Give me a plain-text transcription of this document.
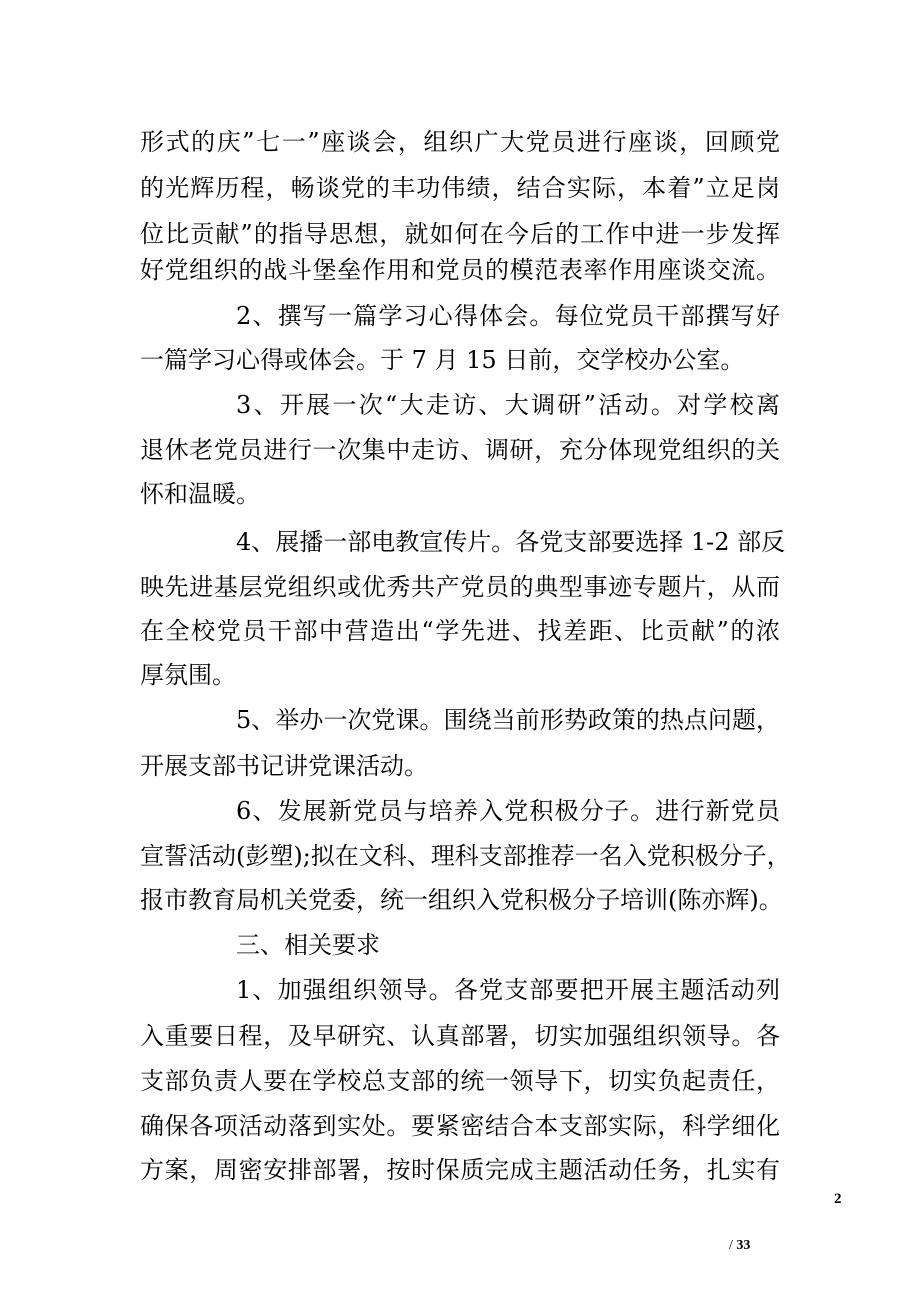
形式的庆”七一”座谈会，组织广大党员进行座谈，回顾党
的光辉历程，畅谈党的丰功伟绩，结合实际，本着”立足岗
位比贡献”的指导思想，就如何在今后的工作中进一步发挥
好党组织的战斗堡垒作用和党员的模范表率作用座谈交流。
2、撰写一篇学习心得体会。每位党员干部撰写好
一篇学习心得或体会。于 7 月 15 日前，交学校办公室。
3、开展一次“大走访、大调研”活动。对学校离
退休老党员进行一次集中走访、调研，充分体现党组织的关
怀和温暖。
4、展播一部电教宣传片。各党支部要选择 1-2 部反
映先进基层党组织或优秀共产党员的典型事迹专题片，从而
在全校党员干部中营造出“学先进、找差距、比贡献”的浓
厚氛围。
5、举办一次党课。围绕当前形势政策的热点问题，
开展支部书记讲党课活动。
6、发展新党员与培养入党积极分子。进行新党员
宣誓活动(彭塑);拟在文科、理科支部推荐一名入党积极分子，
报市教育局机关党委，统一组织入党积极分子培训(陈亦辉)。
三、相关要求
1、加强组织领导。各党支部要把开展主题活动列
入重要日程，及早研究、认真部署，切实加强组织领导。各
支部负责人要在学校总支部的统一领导下，切实负起责任，
确保各项活动落到实处。要紧密结合本支部实际，科学细化
方案，周密安排部署，按时保质完成主题活动任务，扎实有
2
/ 33
